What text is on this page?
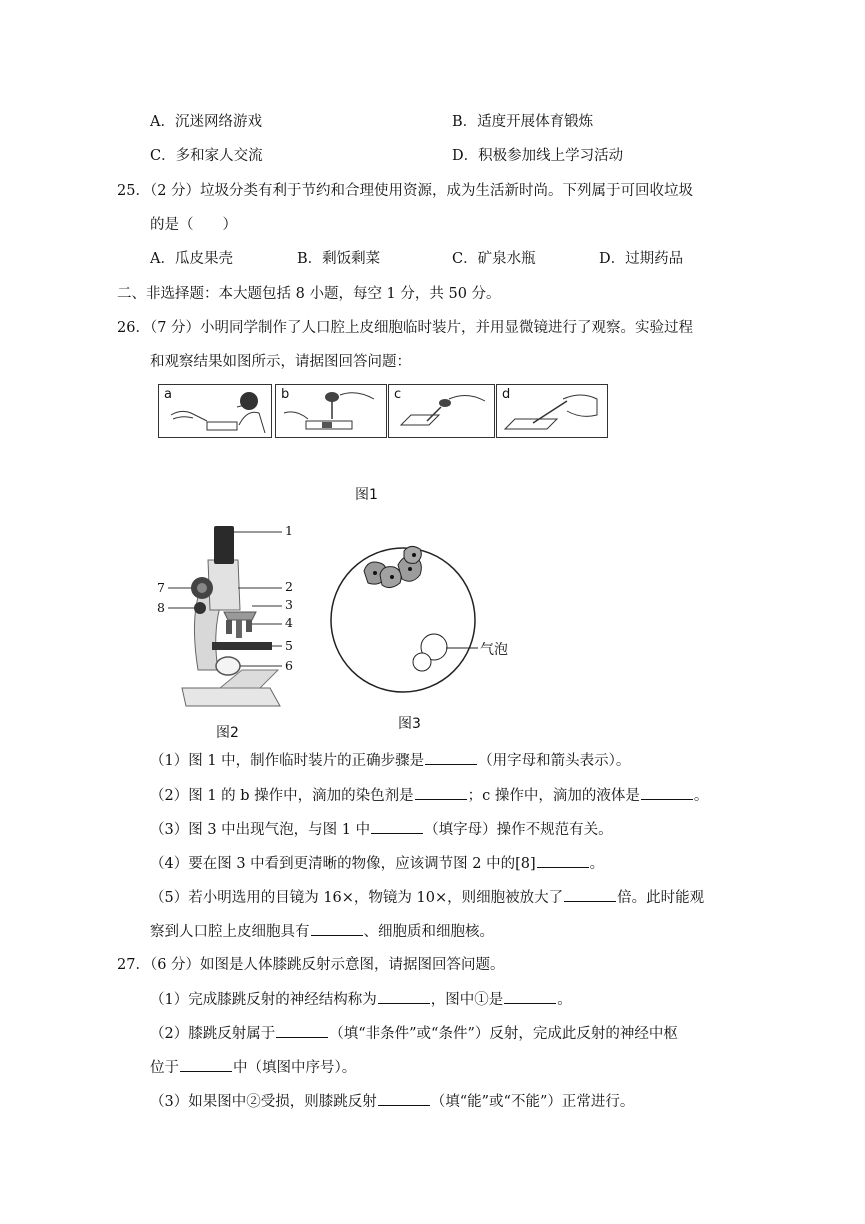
A．沉迷网络游戏	B．适度开展体育锻炼
C．多和家人交流	D．积极参加线上学习活动
25．（2 分）垃圾分类有利于节约和合理使用资源，成为生活新时尚。下列属于可回收垃圾
的是（　　）
A．瓜皮果壳	B．剩饭剩菜	C．矿泉水瓶	D．过期药品
二、非选择题：本大题包括 8 小题，每空 1 分，共 50 分。
26．（7 分）小明同学制作了人口腔上皮细胞临时装片，并用显微镜进行了观察。实验过程
和观察结果如图所示，请据图回答问题：
a	b	c	d
图1
1
2
3
4
5
6
7
8
图2
气泡
图3
（1）图 1 中，制作临时装片的正确步骤是	（用字母和箭头表示）。
（2）图 1 的 b 操作中，滴加的染色剂是	；c 操作中，滴加的液体是	。
（3）图 3 中出现气泡，与图 1 中	（填字母）操作不规范有关。
（4）要在图 3 中看到更清晰的物像，应该调节图 2 中的[8]	。
（5）若小明选用的目镜为 16×，物镜为 10×，则细胞被放大了	倍。此时能观
察到人口腔上皮细胞具有	、细胞质和细胞核。
27．（6 分）如图是人体膝跳反射示意图，请据图回答问题。
（1）完成膝跳反射的神经结构称为	，图中①是	。
（2）膝跳反射属于	（填“非条件”或“条件”）反射，完成此反射的神经中枢
位于	中（填图中序号）。
（3）如果图中②受损，则膝跳反射	（填“能”或“不能”）正常进行。
